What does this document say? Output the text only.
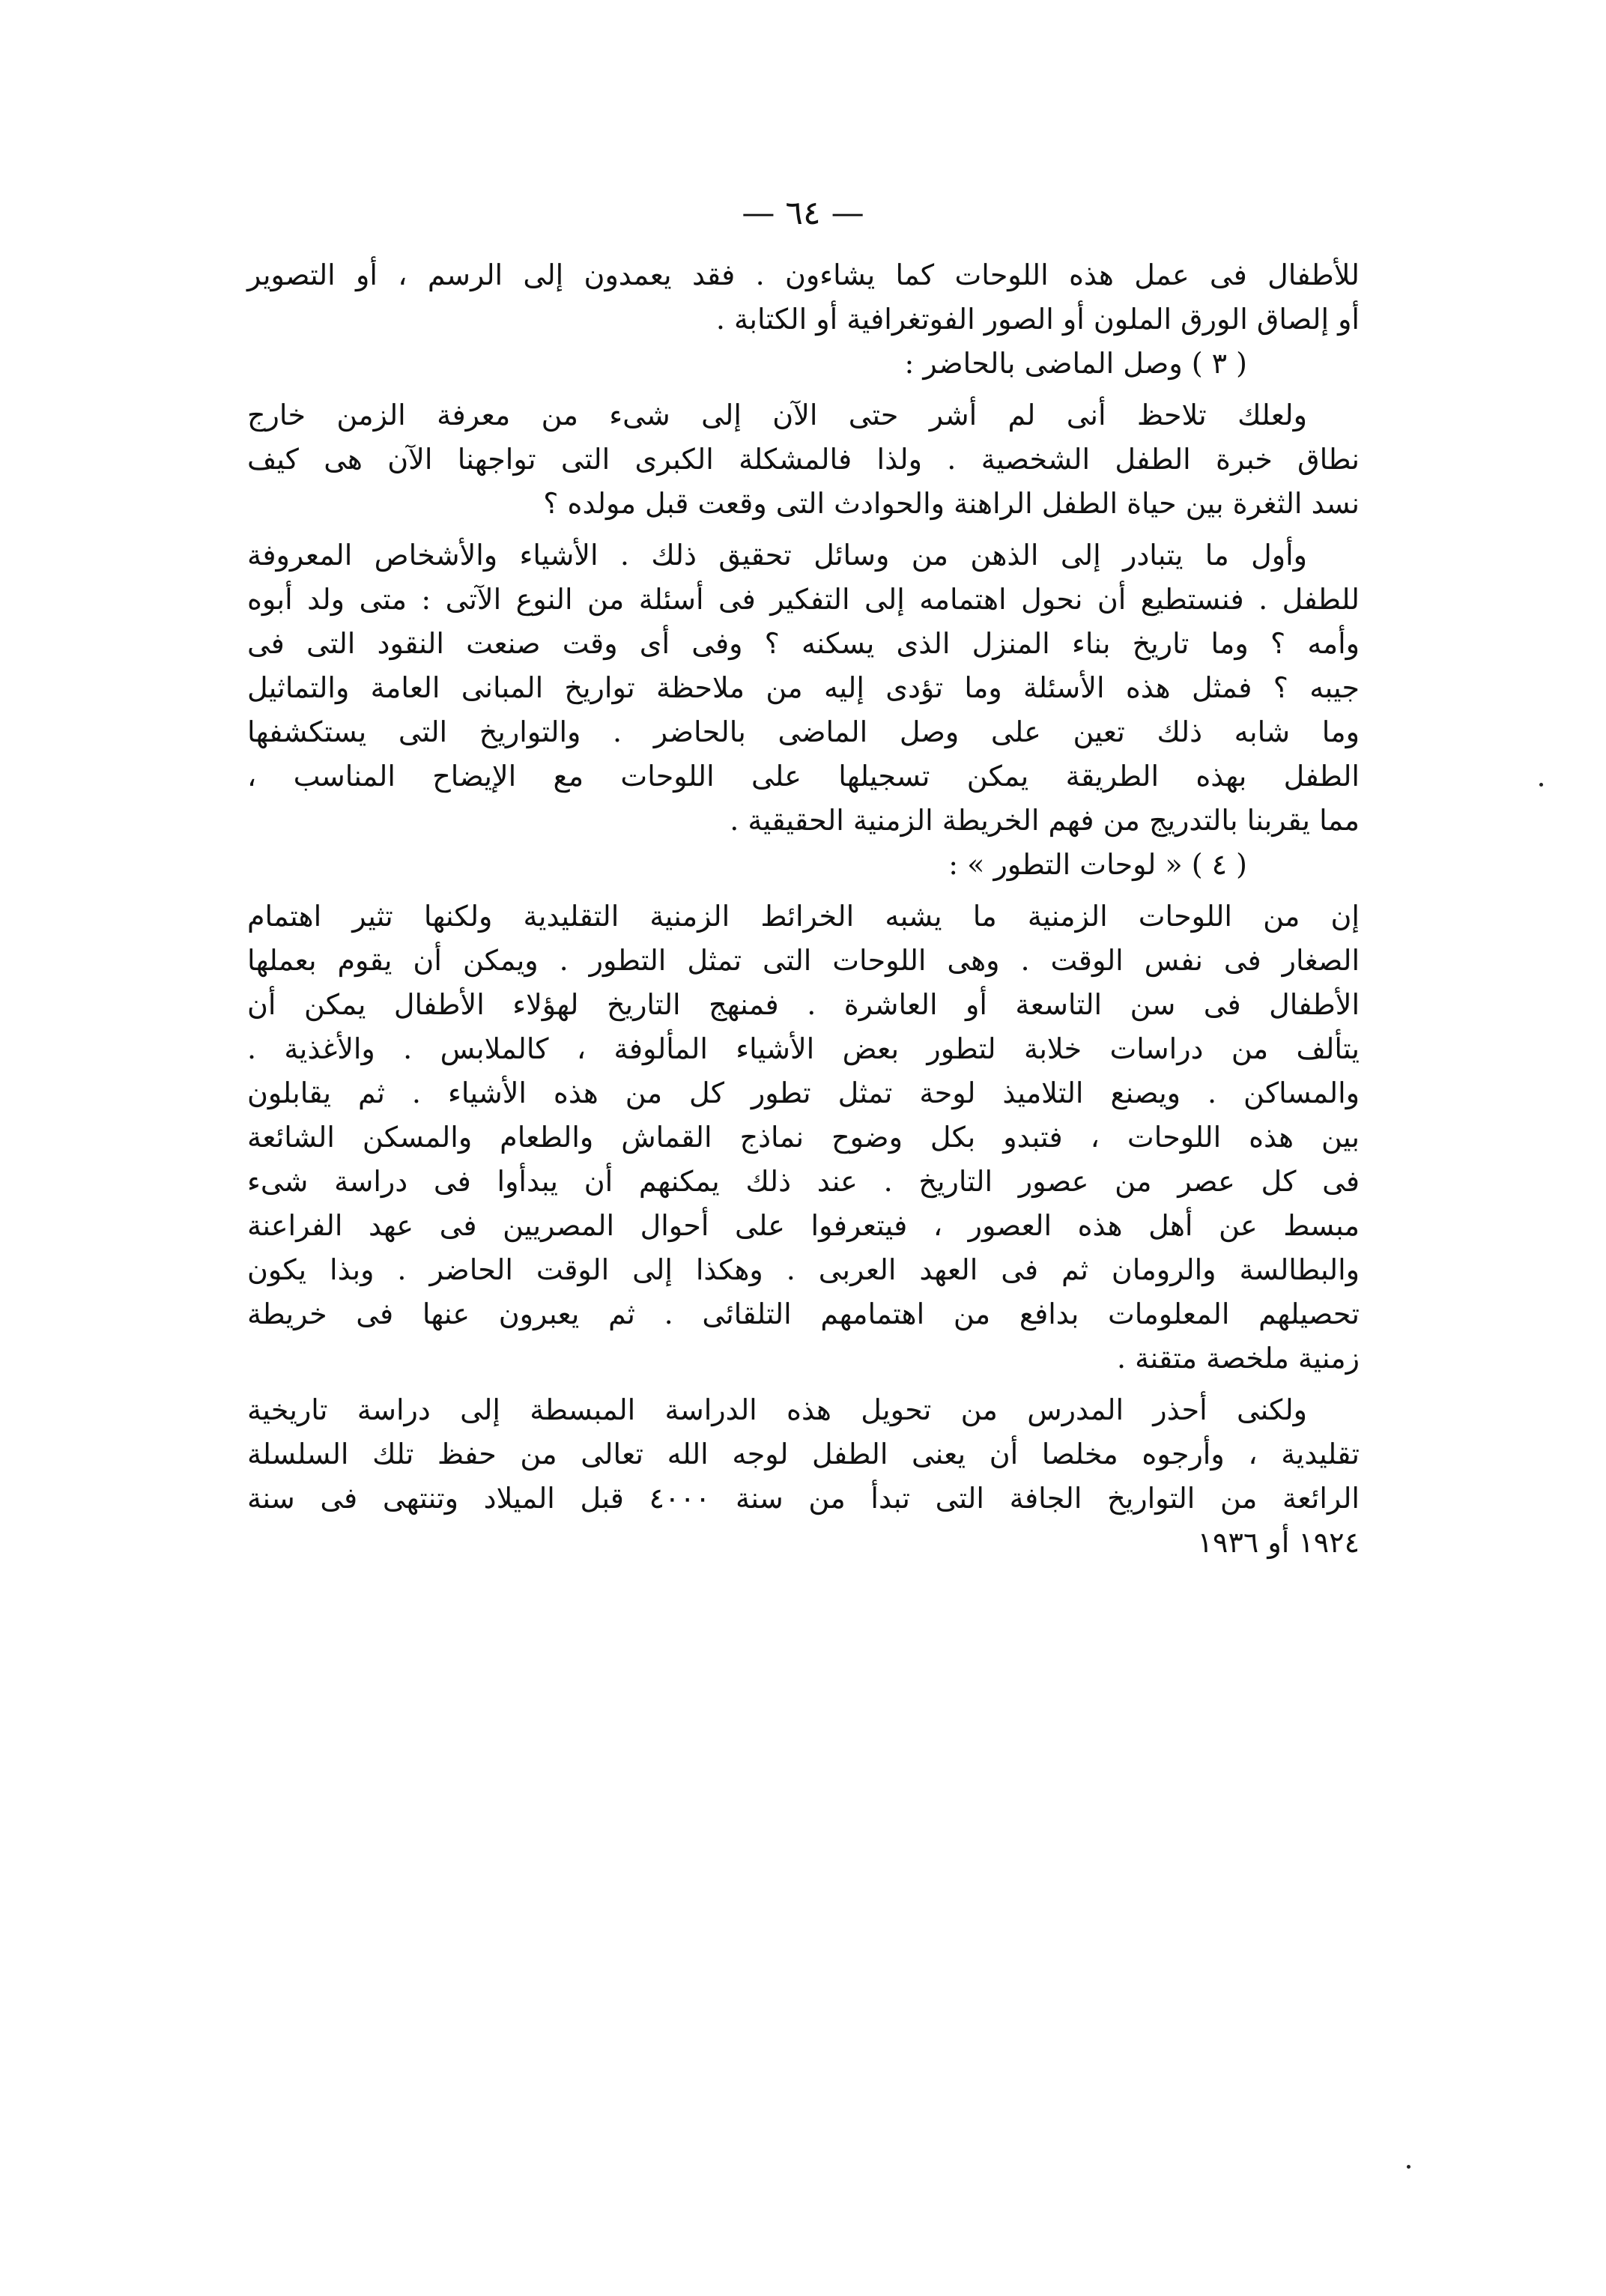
— ٦٤ —
للأطفال فى عمل هذه اللوحات كما يشاءون . فقد يعمدون إلى الرسم ، أو التصوير
أو إلصاق الورق الملون أو الصور الفوتغرافية أو الكتابة .
( ٣ ) وصل الماضى بالحاضر :
ولعلك تلاحظ أنى لم أشر حتى الآن إلى شىء من معرفة الزمن خارج
نطاق خبرة الطفل الشخصية . ولذا فالمشكلة الكبرى التى تواجهنا الآن هى كيف
نسد الثغرة بين حياة الطفل الراهنة والحوادث التى وقعت قبل مولده ؟
وأول ما يتبادر إلى الذهن من وسائل تحقيق ذلك . الأشياء والأشخاص المعروفة
للطفل . فنستطيع أن نحول اهتمامه إلى التفكير فى أسئلة من النوع الآتى : متى ولد أبوه
وأمه ؟ وما تاريخ بناء المنزل الذى يسكنه ؟ وفى أى وقت صنعت النقود التى فى
جيبه ؟ فمثل هذه الأسئلة وما تؤدى إليه من ملاحظة تواريخ المبانى العامة والتماثيل
وما شابه ذلك تعين على وصل الماضى بالحاضر . والتواريخ التى يستكشفها
الطفل بهذه الطريقة يمكن تسجيلها على اللوحات مع الإيضاح المناسب ،
مما يقربنا بالتدريج من فهم الخريطة الزمنية الحقيقية .
( ٤ ) « لوحات التطور » :
إن من اللوحات الزمنية ما يشبه الخرائط الزمنية التقليدية ولكنها تثير اهتمام
الصغار فى نفس الوقت . وهى اللوحات التى تمثل التطور . ويمكن أن يقوم بعملها
الأطفال فى سن التاسعة أو العاشرة . فمنهج التاريخ لهؤلاء الأطفال يمكن أن
يتألف من دراسات خلابة لتطور بعض الأشياء المألوفة ، كالملابس . والأغذية .
والمساكن . ويصنع التلاميذ لوحة تمثل تطور كل من هذه الأشياء . ثم يقابلون
بين هذه اللوحات ، فتبدو بكل وضوح نماذج القماش والطعام والمسكن الشائعة
فى كل عصر من عصور التاريخ . عند ذلك يمكنهم أن يبدأوا فى دراسة شىء
مبسط عن أهل هذه العصور ، فيتعرفوا على أحوال المصريين فى عهد الفراعنة
والبطالسة والرومان ثم فى العهد العربى . وهكذا إلى الوقت الحاضر . وبذا يكون
تحصيلهم المعلومات بدافع من اهتمامهم التلقائى . ثم يعبرون عنها فى خريطة
زمنية ملخصة متقنة .
ولكنى أحذر المدرس من تحويل هذه الدراسة المبسطة إلى دراسة تاريخية
تقليدية ، وأرجوه مخلصا أن يعنى الطفل لوجه الله تعالى من حفظ تلك السلسلة
الرائعة من التواريخ الجافة التى تبدأ من سنة ٤٠٠٠ قبل الميلاد وتنتهى فى سنة
١٩٢٤ أو ١٩٣٦
